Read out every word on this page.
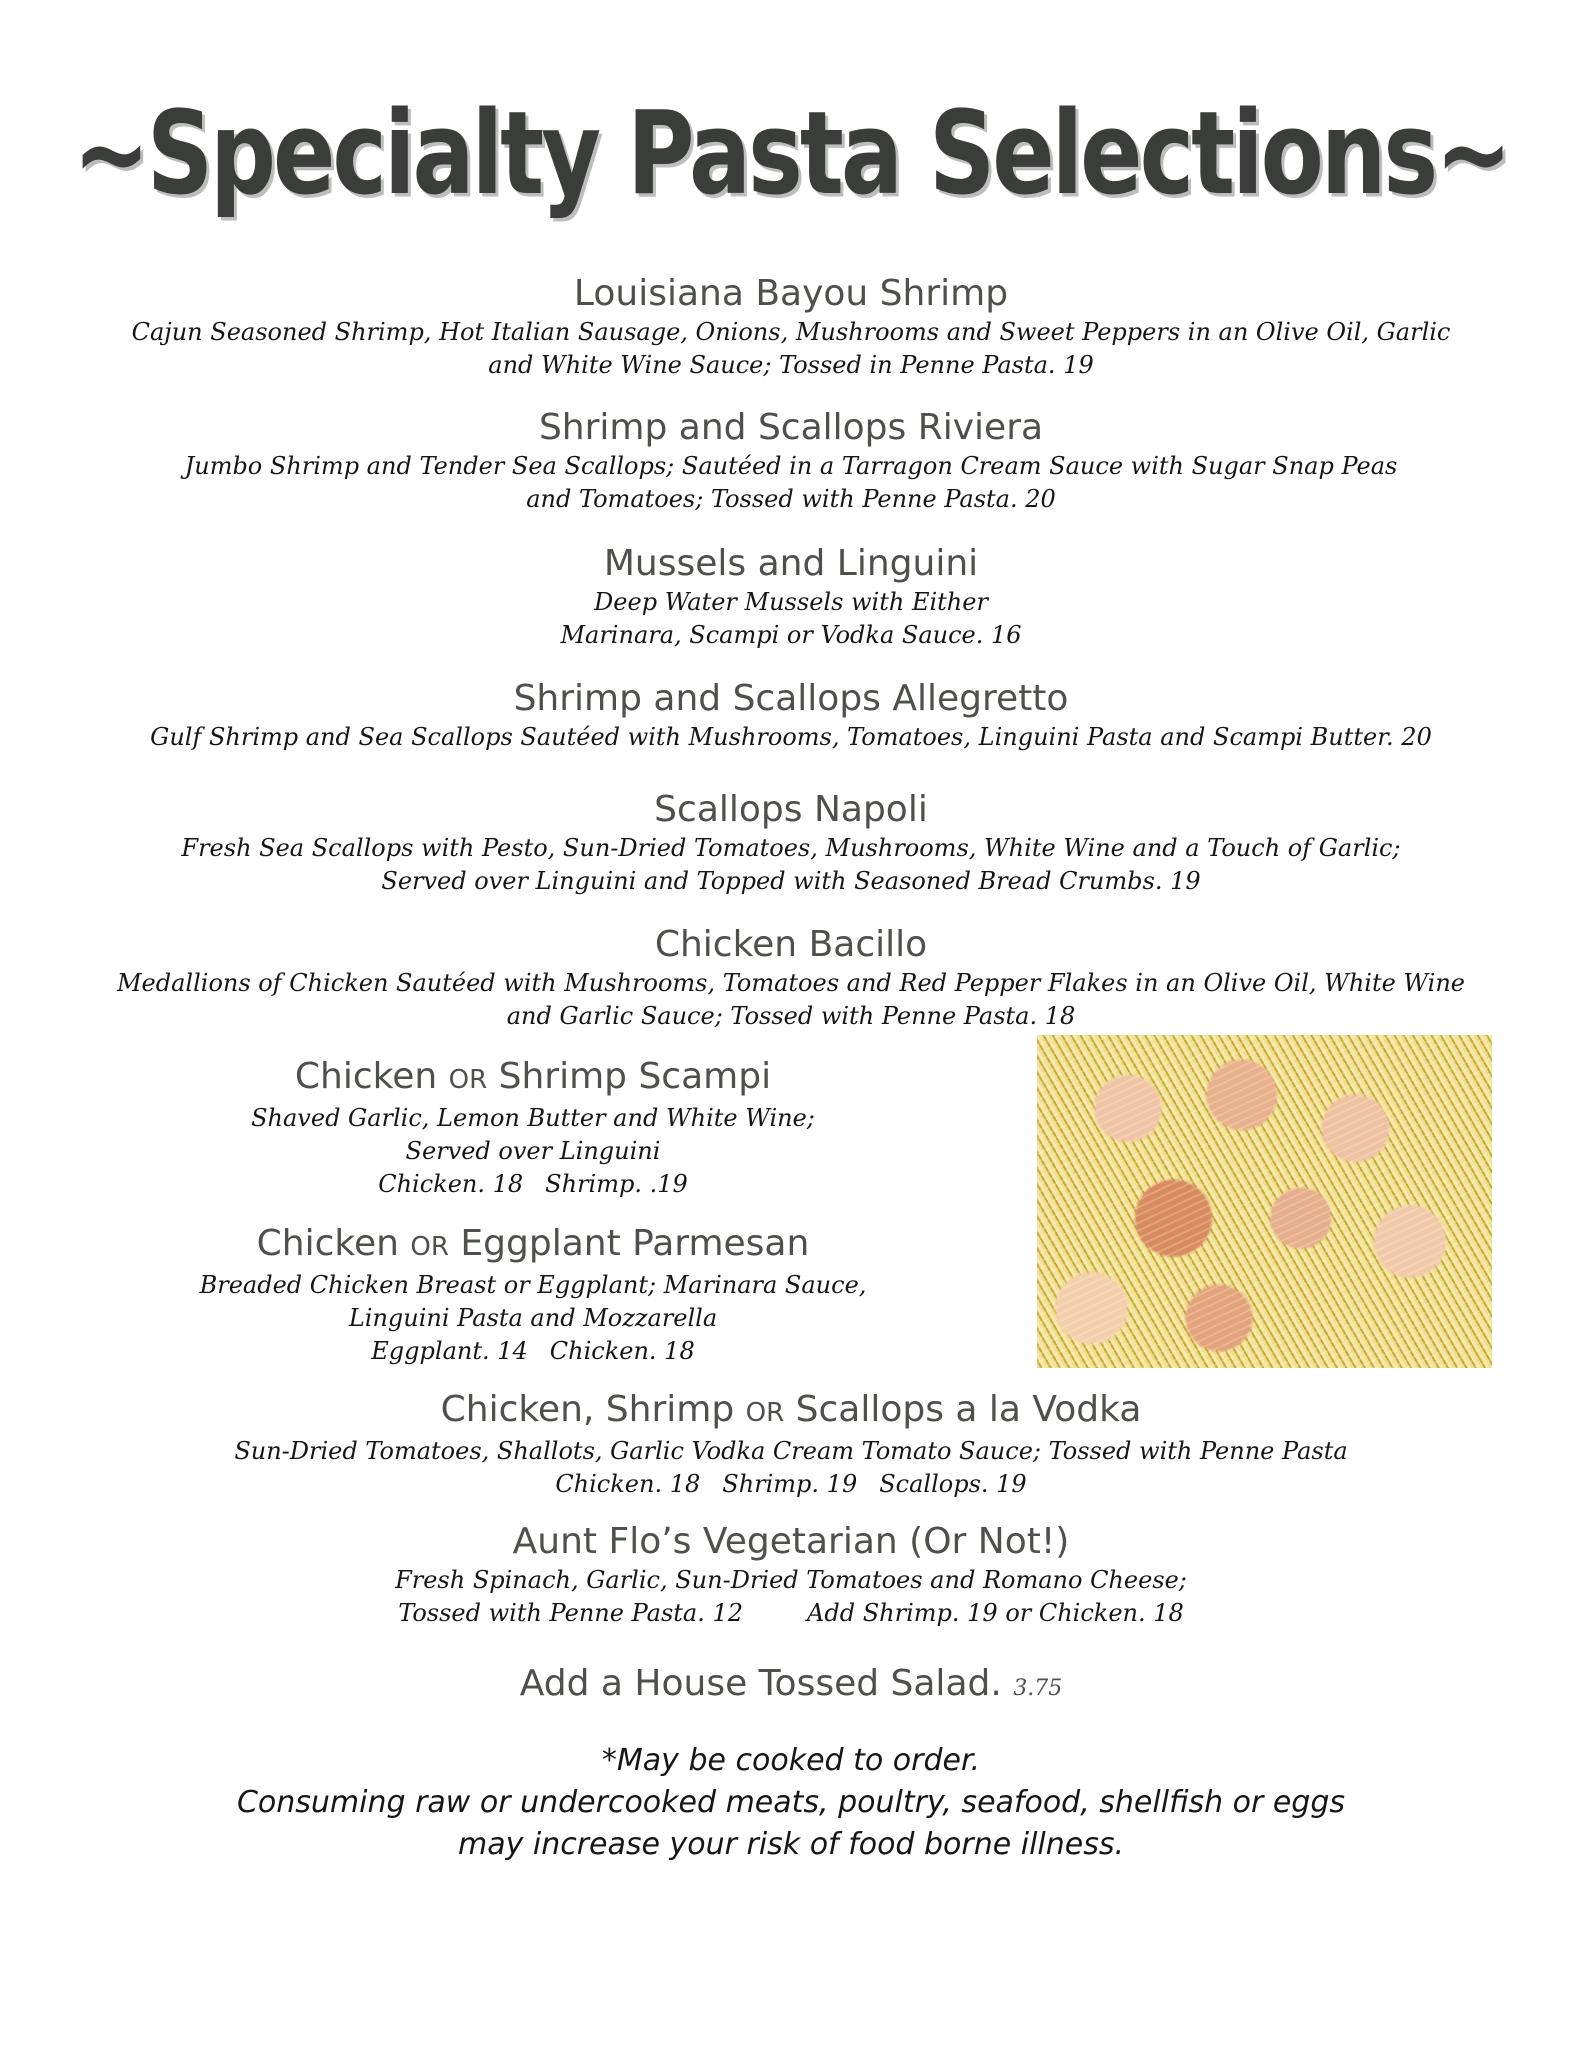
~Specialty Pasta Selections~
Louisiana Bayou Shrimp

Cajun Seasoned Shrimp, Hot Italian Sausage, Onions, Mushrooms and Sweet Peppers in an Olive Oil, Garlic
and White Wine Sauce; Tossed in Penne Pasta. 19

Shrimp and Scallops Riviera

Jumbo Shrimp and Tender Sea Scallops; Sautéed in a Tarragon Cream Sauce with Sugar Snap Peas
and Tomatoes; Tossed with Penne Pasta. 20

Mussels and Linguini

Deep Water Mussels with Either
Marinara, Scampi or Vodka Sauce. 16

Shrimp and Scallops Allegretto

Gulf Shrimp and Sea Scallops Sautéed with Mushrooms, Tomatoes, Linguini Pasta and Scampi Butter. 20

Scallops Napoli

Fresh Sea Scallops with Pesto, Sun-Dried Tomatoes, Mushrooms, White Wine and a Touch of Garlic;
Served over Linguini and Topped with Seasoned Bread Crumbs. 19

Chicken Bacillo

Medallions of Chicken Sautéed with Mushrooms, Tomatoes and Red Pepper Flakes in an Olive Oil, White Wine
and Garlic Sauce; Tossed with Penne Pasta. 18

Chicken OR Shrimp Scampi

Shaved Garlic, Lemon Butter and White Wine;
Served over Linguini
Chicken. 18 Shrimp. .19

Chicken OR Eggplant Parmesan

Breaded Chicken Breast or Eggplant; Marinara Sauce,
Linguini Pasta and Mozzarella
Eggplant. 14 Chicken. 18

Chicken, Shrimp OR Scallops a la Vodka

Sun-Dried Tomatoes, Shallots, Garlic Vodka Cream Tomato Sauce; Tossed with Penne Pasta
Chicken. 18 Shrimp. 19 Scallops. 19

Aunt Flo’s Vegetarian (Or Not!)

Fresh Spinach, Garlic, Sun-Dried Tomatoes and Romano Cheese;
Tossed with Penne Pasta. 12	Add Shrimp. 19 or Chicken. 18

Add a House Tossed Salad. 3.75
*May be cooked to order.
Consuming raw or undercooked meats, poultry, seafood, shellfish or eggs
may increase your risk of food borne illness.
